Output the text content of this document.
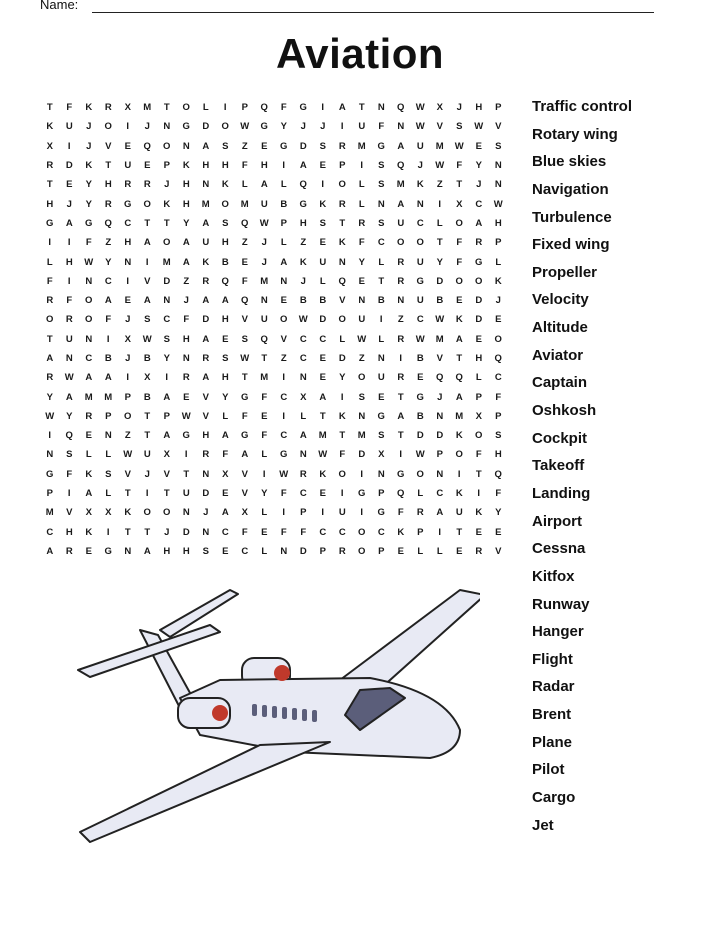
Name:
Aviation
T	F	K	R	X	M	T	O	L	I	P	Q	F	G	I	A	T	N	Q	W	X	J	H	P
K	U	J	O	I	J	N	G	D	O	W	G	Y	J	J	I	U	F	N	W	V	S	W	V
X	I	J	V	E	Q	O	N	A	S	Z	E	G	D	S	R	M	G	A	U	M	W	E	S
R	D	K	T	U	E	P	K	H	H	F	H	I	A	E	P	I	S	Q	J	W	F	Y	N
T	E	Y	H	R	R	J	H	N	K	L	A	L	Q	I	O	L	S	M	K	Z	T	J	N
H	J	Y	R	G	O	K	H	M	O	M	U	B	G	K	R	L	N	A	N	I	X	C	W
G	A	G	Q	C	T	T	Y	A	S	Q	W	P	H	S	T	R	S	U	C	L	O	A	H
I	I	F	Z	H	A	O	A	U	H	Z	J	L	Z	E	K	F	C	O	O	T	F	R	P
L	H	W	Y	N	I	M	A	K	B	E	J	A	K	U	N	Y	L	R	U	Y	F	G	L
F	I	N	C	I	V	D	Z	R	Q	F	M	N	J	L	Q	E	T	R	G	D	O	O	K
R	F	O	A	E	A	N	J	A	A	Q	N	E	B	B	V	N	B	N	U	B	E	D	J
O	R	O	F	J	S	C	F	D	H	V	U	O	W	D	O	U	I	Z	C	W	K	D	E
T	U	N	I	X	W	S	H	A	E	S	Q	V	C	C	L	W	L	R	W	M	A	E	O
A	N	C	B	J	B	Y	N	R	S	W	T	Z	C	E	D	Z	N	I	B	V	T	H	Q
R	W	A	A	I	X	I	R	A	H	T	M	I	N	E	Y	O	U	R	E	Q	Q	L	C
Y	A	M	M	P	B	A	E	V	Y	G	F	C	X	A	I	S	E	T	G	J	A	P	F
W	Y	R	P	O	T	P	W	V	L	F	E	I	L	T	K	N	G	A	B	N	M	X	P
I	Q	E	N	Z	T	A	G	H	A	G	F	C	A	M	T	M	S	T	D	D	K	O	S
N	S	L	L	W	U	X	I	R	F	A	L	G	N	W	F	D	X	I	W	P	O	F	H
G	F	K	S	V	J	V	T	N	X	V	I	W	R	K	O	I	N	G	O	N	I	T	Q
P	I	A	L	T	I	T	U	D	E	V	Y	F	C	E	I	G	P	Q	L	C	K	I	F
M	V	X	X	K	O	O	N	J	A	X	L	I	P	I	U	I	G	F	R	A	U	K	Y
C	H	K	I	T	T	J	D	N	C	F	E	F	F	C	C	O	C	K	P	I	T	E	E
A	R	E	G	N	A	H	H	S	E	C	L	N	D	P	R	O	P	E	L	L	E	R	V
Traffic control
Rotary wing
Blue skies
Navigation
Turbulence
Fixed wing
Propeller
Velocity
Altitude
Aviator
Captain
Oshkosh
Cockpit
Takeoff
Landing
Airport
Cessna
Kitfox
Runway
Hanger
Flight
Radar
Brent
Plane
Pilot
Cargo
Jet
